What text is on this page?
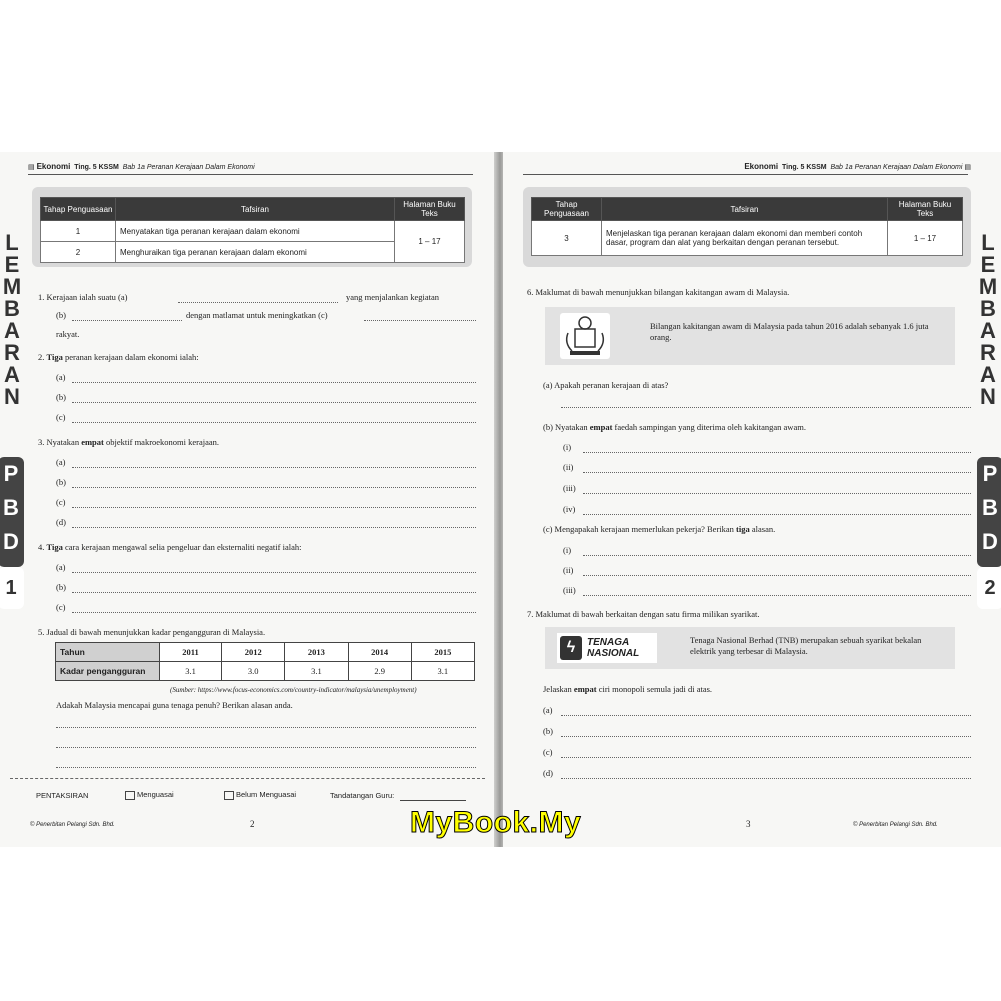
▤ Ekonomi Ting. 5 KSSM Bab 1a Peranan Kerajaan Dalam Ekonomi
Tahap Penguasaan	Tafsiran	Halaman Buku Teks
1	Menyatakan tiga peranan kerajaan dalam ekonomi	1 – 17
2	Menghuraikan tiga peranan kerajaan dalam ekonomi	
1. Kerajaan ialah suatu (a)	yang menjalankan kegiatan
(b)	dengan matlamat untuk meningkatkan (c)
rakyat.
2. Tiga peranan kerajaan dalam ekonomi ialah:
(a)
(b)
(c)
3. Nyatakan empat objektif makroekonomi kerajaan.
(a)
(b)
(c)
(d)
4. Tiga cara kerajaan mengawal selia pengeluar dan eksternaliti negatif ialah:
(a)
(b)
(c)
5. Jadual di bawah menunjukkan kadar pengangguran di Malaysia.
Tahun	2011	2012	2013	2014	2015
Kadar pengangguran	3.1	3.0	3.1	2.9	3.1
(Sumber: https://www.focus-economics.com/country-indicator/malaysia/unemployment)
Adakah Malaysia mencapai guna tenaga penuh? Berikan alasan anda.
PENTAKSIRAN	Menguasai	Belum Menguasai	Tandatangan Guru:
© Penerbitan Pelangi Sdn. Bhd.	2
L
E
M
B
A
R
A
N
P
B
D
1
Ekonomi Ting. 5 KSSM Bab 1a Peranan Kerajaan Dalam Ekonomi ▤
Tahap Penguasaan	Tafsiran	Halaman Buku Teks
3	Menjelaskan tiga peranan kerajaan dalam ekonomi dan memberi contoh dasar, program dan alat yang berkaitan dengan peranan tersebut.	1 – 17
6. Maklumat di bawah menunjukkan bilangan kakitangan awam di Malaysia.
Bilangan kakitangan awam di Malaysia pada tahun 2016 adalah sebanyak 1.6 juta orang.
(a) Apakah peranan kerajaan di atas?
(b) Nyatakan empat faedah sampingan yang diterima oleh kakitangan awam.
(i)
(ii)
(iii)
(iv)
(c) Mengapakah kerajaan memerlukan pekerja? Berikan tiga alasan.
(i)
(ii)
(iii)
7. Maklumat di bawah berkaitan dengan satu firma milikan syarikat.
ϟ	TENAGA
NASIONAL
Tenaga Nasional Berhad (TNB) merupakan sebuah syarikat bekalan elektrik yang terbesar di Malaysia.
Jelaskan empat ciri monopoli semula jadi di atas.
(a)
(b)
(c)
(d)
3	© Penerbitan Pelangi Sdn. Bhd.
L
E
M
B
A
R
A
N
P
B
D
2
MyBook.My
